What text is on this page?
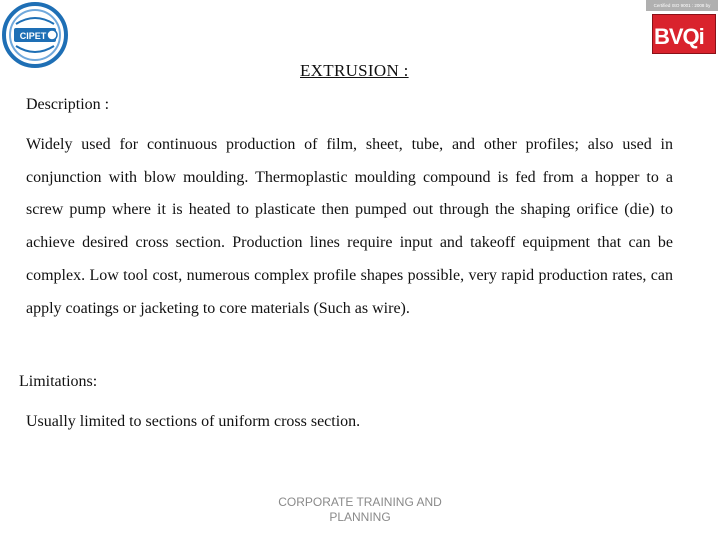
CIPET
Certified ISO 9001 : 2008 by
BVQi
EXTRUSION :
Description :

Widely used for continuous production of film, sheet, tube, and other profiles; also used in conjunction with blow moulding. Thermoplastic moulding compound is fed from a hopper to a screw pump where it is heated to plasticate then pumped out through the shaping orifice (die) to achieve desired cross section. Production lines require input and takeoff equipment that can be complex. Low tool cost, numerous complex profile shapes possible, very rapid production rates, can apply coatings or jacketing to core materials (Such as wire).

Limitations:
Usually limited to sections of uniform cross section.
CORPORATE TRAINING AND
PLANNING
